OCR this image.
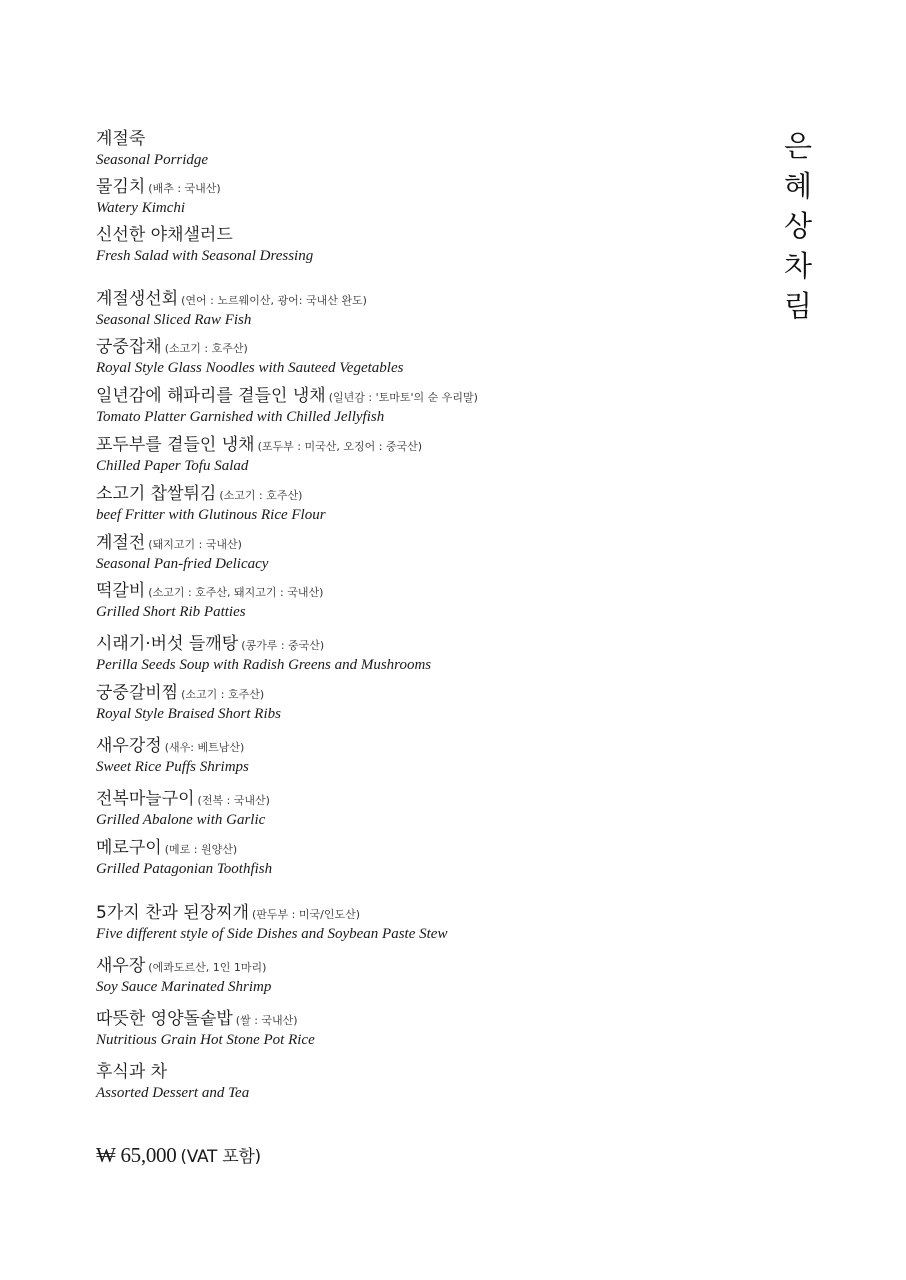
은
혜
상
차
림
계절죽
Seasonal Porridge
물김치 (배추 : 국내산)
Watery Kimchi
신선한 야채샐러드
Fresh Salad with Seasonal Dressing
계절생선회 (연어 : 노르웨이산, 광어: 국내산 완도)
Seasonal Sliced Raw Fish
궁중잡채 (소고기 : 호주산)
Royal Style Glass Noodles with Sauteed Vegetables
일년감에 해파리를 곁들인 냉채 (일년감 : '토마토'의 순 우리말)
Tomato Platter Garnished with Chilled Jellyfish
포두부를 곁들인 냉채 (포두부 : 미국산, 오징어 : 중국산)
Chilled Paper Tofu Salad
소고기 찹쌀튀김 (소고기 : 호주산)
beef Fritter with Glutinous Rice Flour
계절전 (돼지고기 : 국내산)
Seasonal Pan-fried Delicacy
떡갈비 (소고기 : 호주산, 돼지고기 : 국내산)
Grilled Short Rib Patties
시래기·버섯 들깨탕 (콩가루 : 중국산)
Perilla Seeds Soup with Radish Greens and Mushrooms
궁중갈비찜 (소고기 : 호주산)
Royal Style Braised Short Ribs
새우강정 (새우: 베트남산)
Sweet Rice Puffs Shrimps
전복마늘구이 (전복 : 국내산)
Grilled Abalone with Garlic
메로구이 (메로 : 원양산)
Grilled Patagonian Toothfish
5가지 찬과 된장찌개 (판두부 : 미국/인도산)
Five different style of Side Dishes and Soybean Paste Stew
새우장 (에콰도르산, 1인 1마리)
Soy Sauce Marinated Shrimp
따뜻한 영양돌솥밥 (쌀 : 국내산)
Nutritious Grain Hot Stone Pot Rice
후식과 차
Assorted Dessert and Tea
₩ 65,000 (VAT 포함)
